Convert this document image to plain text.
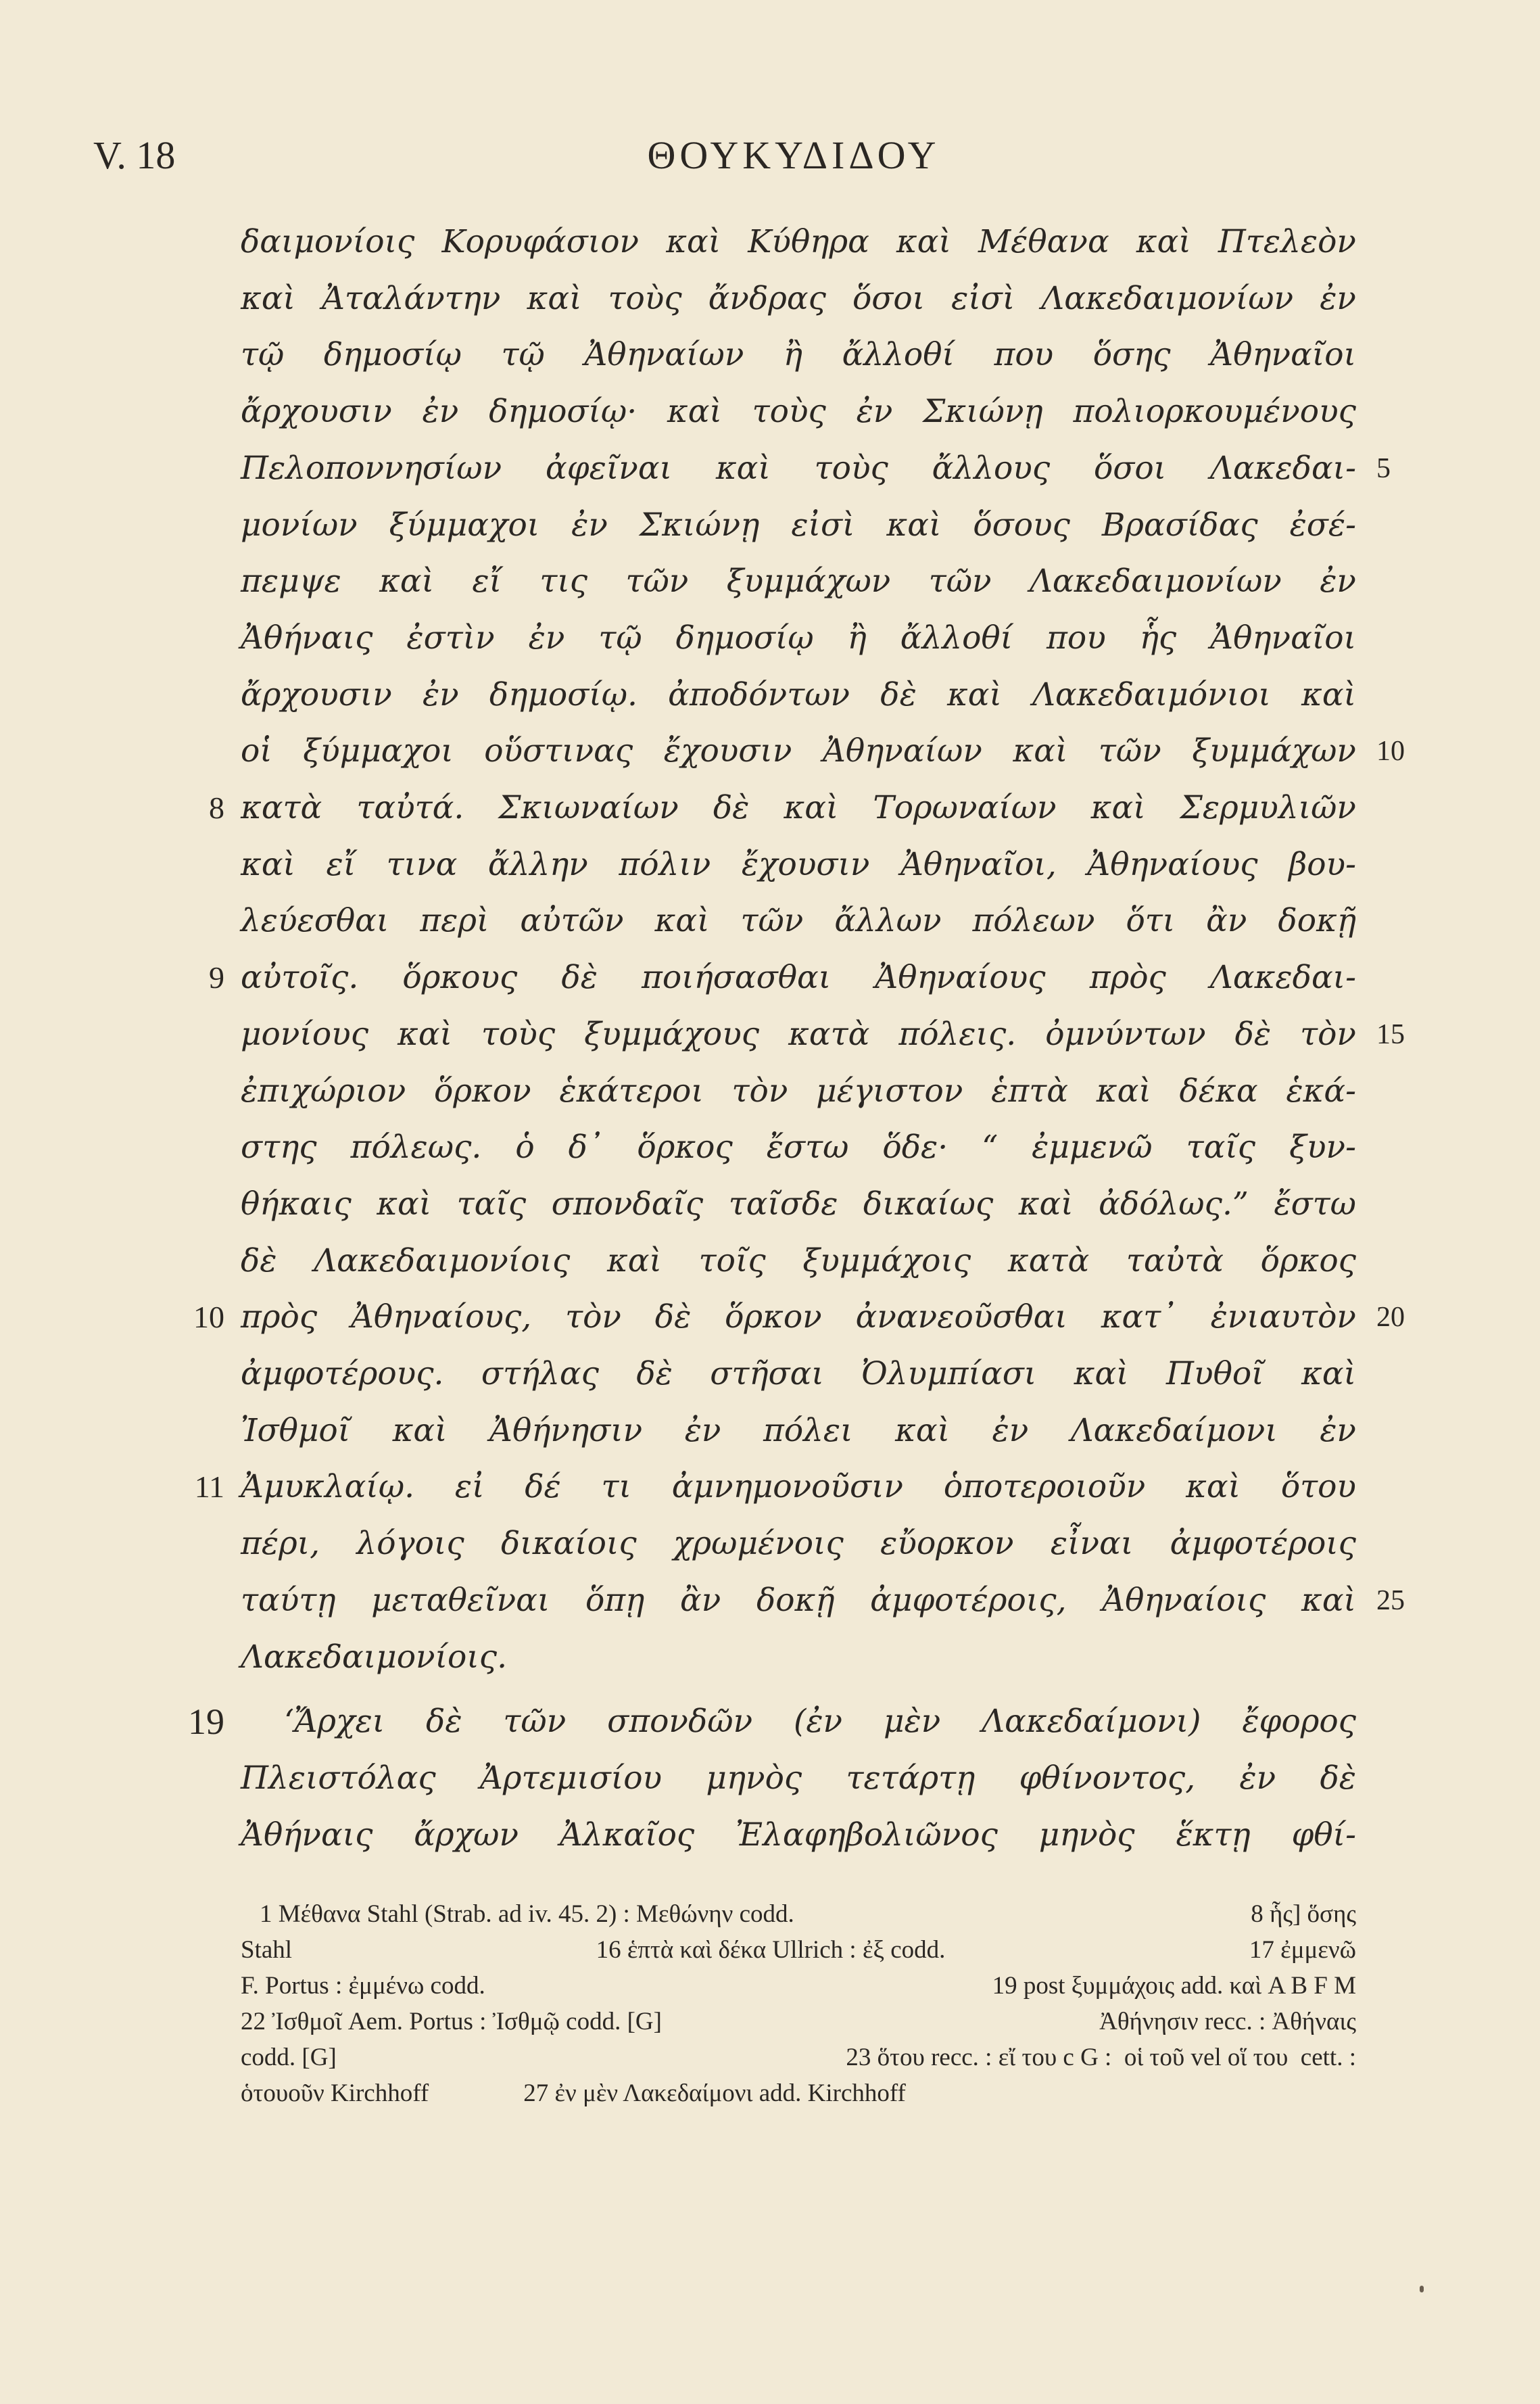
V. 18	ΘΟΥΚΥΔΙΔΟΥ
δαιμονίοις Κορυφάσιον καὶ Κύθηρα καὶ Μέθανα καὶ Πτελεὸν
καὶ Ἀταλάντην καὶ τοὺς ἄνδρας ὅσοι εἰσὶ Λακεδαιμονίων ἐν
τῷ δημοσίῳ τῷ Ἀθηναίων ἢ ἄλλοθί που ὅσης Ἀθηναῖοι
ἄρχουσιν ἐν δημοσίῳ· καὶ τοὺς ἐν Σκιώνῃ πολιορκουμένους
Πελοποννησίων ἀφεῖναι καὶ τοὺς ἄλλους ὅσοι Λακεδαι- 5
μονίων ξύμμαχοι ἐν Σκιώνῃ εἰσὶ καὶ ὅσους Βρασίδας ἐσέ-
πεμψε καὶ εἴ τις τῶν ξυμμάχων τῶν Λακεδαιμονίων ἐν
Ἀθήναις ἐστὶν ἐν τῷ δημοσίῳ ἢ ἄλλοθί που ἧς Ἀθηναῖοι
ἄρχουσιν ἐν δημοσίῳ. ἀποδόντων δὲ καὶ Λακεδαιμόνιοι καὶ
οἱ ξύμμαχοι οὕστινας ἔχουσιν Ἀθηναίων καὶ τῶν ξυμμάχων 10
κατὰ ταὐτά. Σκιωναίων δὲ καὶ Τορωναίων καὶ Σερμυλιῶν
8
καὶ εἴ τινα ἄλλην πόλιν ἔχουσιν Ἀθηναῖοι, Ἀθηναίους βου-
λεύεσθαι περὶ αὐτῶν καὶ τῶν ἄλλων πόλεων ὅτι ἂν δοκῇ
αὐτοῖς. ὅρκους δὲ ποιήσασθαι Ἀθηναίους πρὸς Λακεδαι-
9
μονίους καὶ τοὺς ξυμμάχους κατὰ πόλεις. ὀμνύντων δὲ τὸν 15
ἐπιχώριον ὅρκον ἑκάτεροι τὸν μέγιστον ἑπτὰ καὶ δέκα ἑκά-
στης πόλεως. ὁ δ᾽ ὅρκος ἔστω ὅδε· “ ἐμμενῶ ταῖς ξυν-
θήκαις καὶ ταῖς σπονδαῖς ταῖσδε δικαίως καὶ ἀδόλως.” ἔστω
δὲ Λακεδαιμονίοις καὶ τοῖς ξυμμάχοις κατὰ ταὐτὰ ὅρκος
πρὸς Ἀθηναίους, τὸν δὲ ὅρκον ἀνανεοῦσθαι κατ᾽ ἐνιαυτὸν
10	20
ἀμφοτέρους. στήλας δὲ στῆσαι Ὀλυμπίασι καὶ Πυθοῖ καὶ
Ἰσθμοῖ καὶ Ἀθήνησιν ἐν πόλει καὶ ἐν Λακεδαίμονι ἐν
Ἀμυκλαίῳ. εἰ δέ τι ἀμνημονοῦσιν ὁποτεροιοῦν καὶ ὅτου
11
πέρι, λόγοις δικαίοις χρωμένοις εὔορκον εἶναι ἀμφοτέροις
ταύτῃ μεταθεῖναι ὅπῃ ἂν δοκῇ ἀμφοτέροις, Ἀθηναίοις καὶ 25
Λακεδαιμονίοις.
‘Ἄρχει δὲ τῶν σπονδῶν (ἐν μὲν Λακεδαίμονι) ἔφορος
19
Πλειστόλας Ἀρτεμισίου μηνὸς τετάρτῃ φθίνοντος, ἐν δὲ
Ἀθήναις ἄρχων Ἀλκαῖος Ἐλαφηβολιῶνος μηνὸς ἕκτῃ φθί-
1 Μέθανα Stahl (Strab. ad iv. 45. 2) : Μεθώνην codd.	8 ἧς] ὅσης
Stahl	16 ἑπτὰ καὶ δέκα Ullrich : ἐξ codd.	17 ἐμμενῶ
F. Portus : ἐμμένω codd.	19 post ξυμμάχοις add. καὶ A B F M
22 Ἰσθμοῖ Aem. Portus : Ἰσθμῷ codd. [G]	Ἀθήνησιν recc. : Ἀθήναις
codd. [G]	23 ὅτου recc. : εἴ του c G :  οἱ τοῦ vel οἵ του  cett. :
ὁτουοῦν Kirchhoff	27 ἐν μὲν Λακεδαίμονι add. Kirchhoff
